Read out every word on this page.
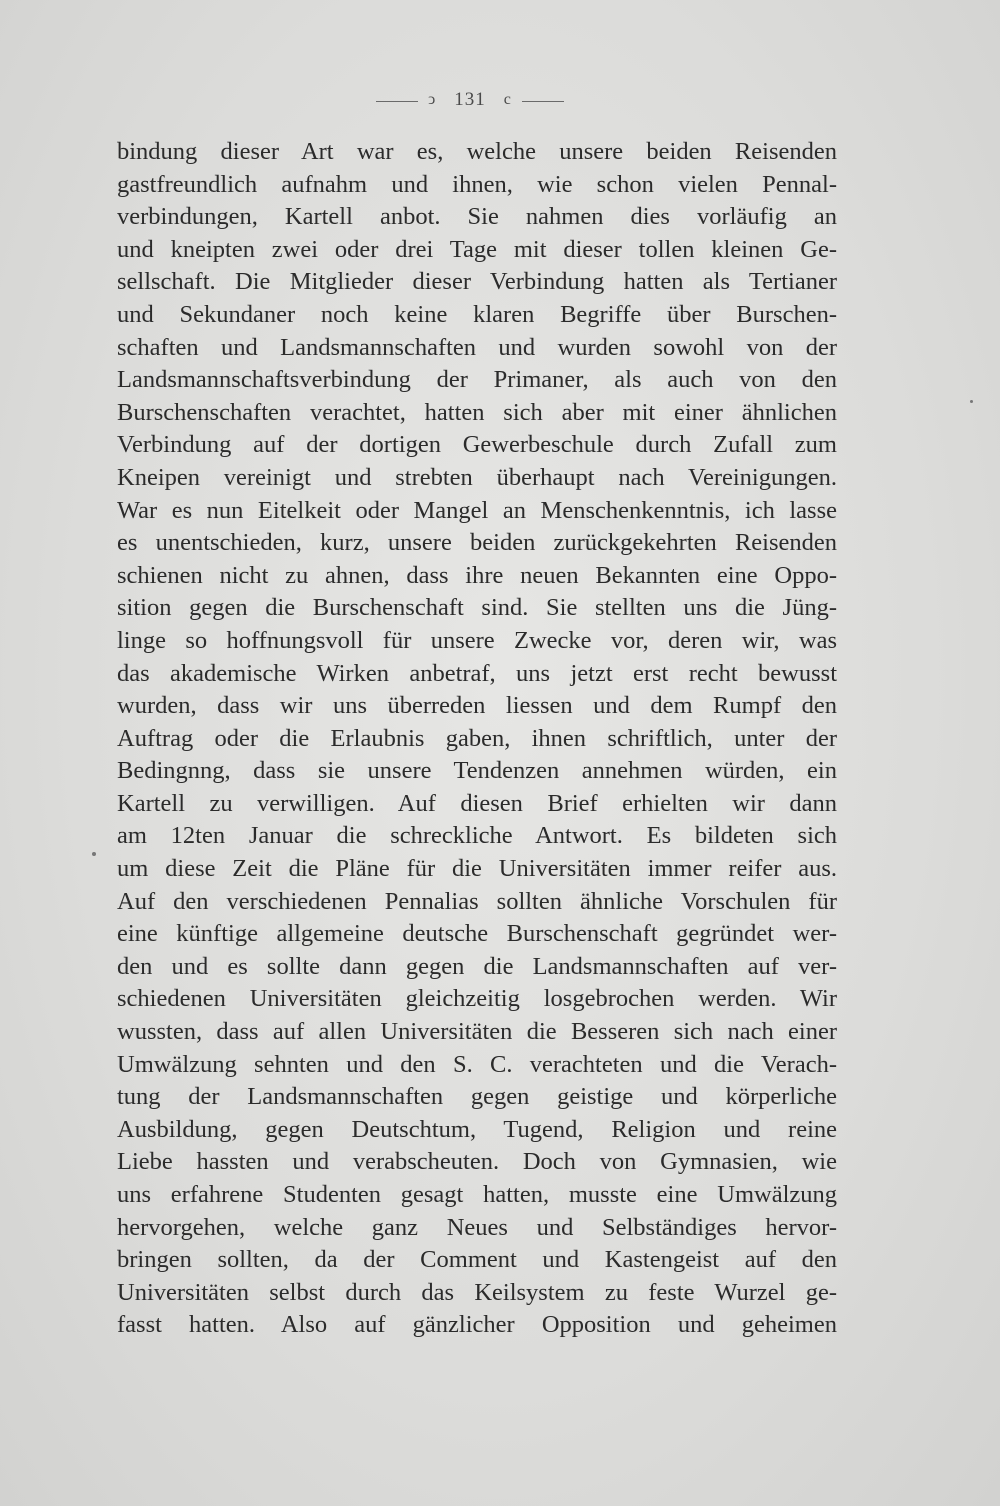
ↄ 131 c
bindung dieser Art war es, welche unsere beiden Reisenden
gastfreundlich aufnahm und ihnen, wie schon vielen Pennal-
verbindungen, Kartell anbot. Sie nahmen dies vorläufig an
und kneipten zwei oder drei Tage mit dieser tollen kleinen Ge-
sellschaft. Die Mitglieder dieser Verbindung hatten als Tertianer
und Sekundaner noch keine klaren Begriffe über Burschen-
schaften und Landsmannschaften und wurden sowohl von der
Landsmannschaftsverbindung der Primaner, als auch von den
Burschenschaften verachtet, hatten sich aber mit einer ähnlichen
Verbindung auf der dortigen Gewerbeschule durch Zufall zum
Kneipen vereinigt und strebten überhaupt nach Vereinigungen.
War es nun Eitelkeit oder Mangel an Menschenkenntnis, ich lasse
es unentschieden, kurz, unsere beiden zurückgekehrten Reisenden
schienen nicht zu ahnen, dass ihre neuen Bekannten eine Oppo-
sition gegen die Burschenschaft sind. Sie stellten uns die Jüng-
linge so hoffnungsvoll für unsere Zwecke vor, deren wir, was
das akademische Wirken anbetraf, uns jetzt erst recht bewusst
wurden, dass wir uns überreden liessen und dem Rumpf den
Auftrag oder die Erlaubnis gaben, ihnen schriftlich, unter der
Bedingnng, dass sie unsere Tendenzen annehmen würden, ein
Kartell zu verwilligen. Auf diesen Brief erhielten wir dann
am 12ten Januar die schreckliche Antwort. Es bildeten sich
um diese Zeit die Pläne für die Universitäten immer reifer aus.
Auf den verschiedenen Pennalias sollten ähnliche Vorschulen für
eine künftige allgemeine deutsche Burschenschaft gegründet wer-
den und es sollte dann gegen die Landsmannschaften auf ver-
schiedenen Universitäten gleichzeitig losgebrochen werden. Wir
wussten, dass auf allen Universitäten die Besseren sich nach einer
Umwälzung sehnten und den S. C. verachteten und die Verach-
tung der Landsmannschaften gegen geistige und körperliche
Ausbildung, gegen Deutschtum, Tugend, Religion und reine
Liebe hassten und verabscheuten. Doch von Gymnasien, wie
uns erfahrene Studenten gesagt hatten, musste eine Umwälzung
hervorgehen, welche ganz Neues und Selbständiges hervor-
bringen sollten, da der Comment und Kastengeist auf den
Universitäten selbst durch das Keilsystem zu feste Wurzel ge-
fasst hatten. Also auf gänzlicher Opposition und geheimen
